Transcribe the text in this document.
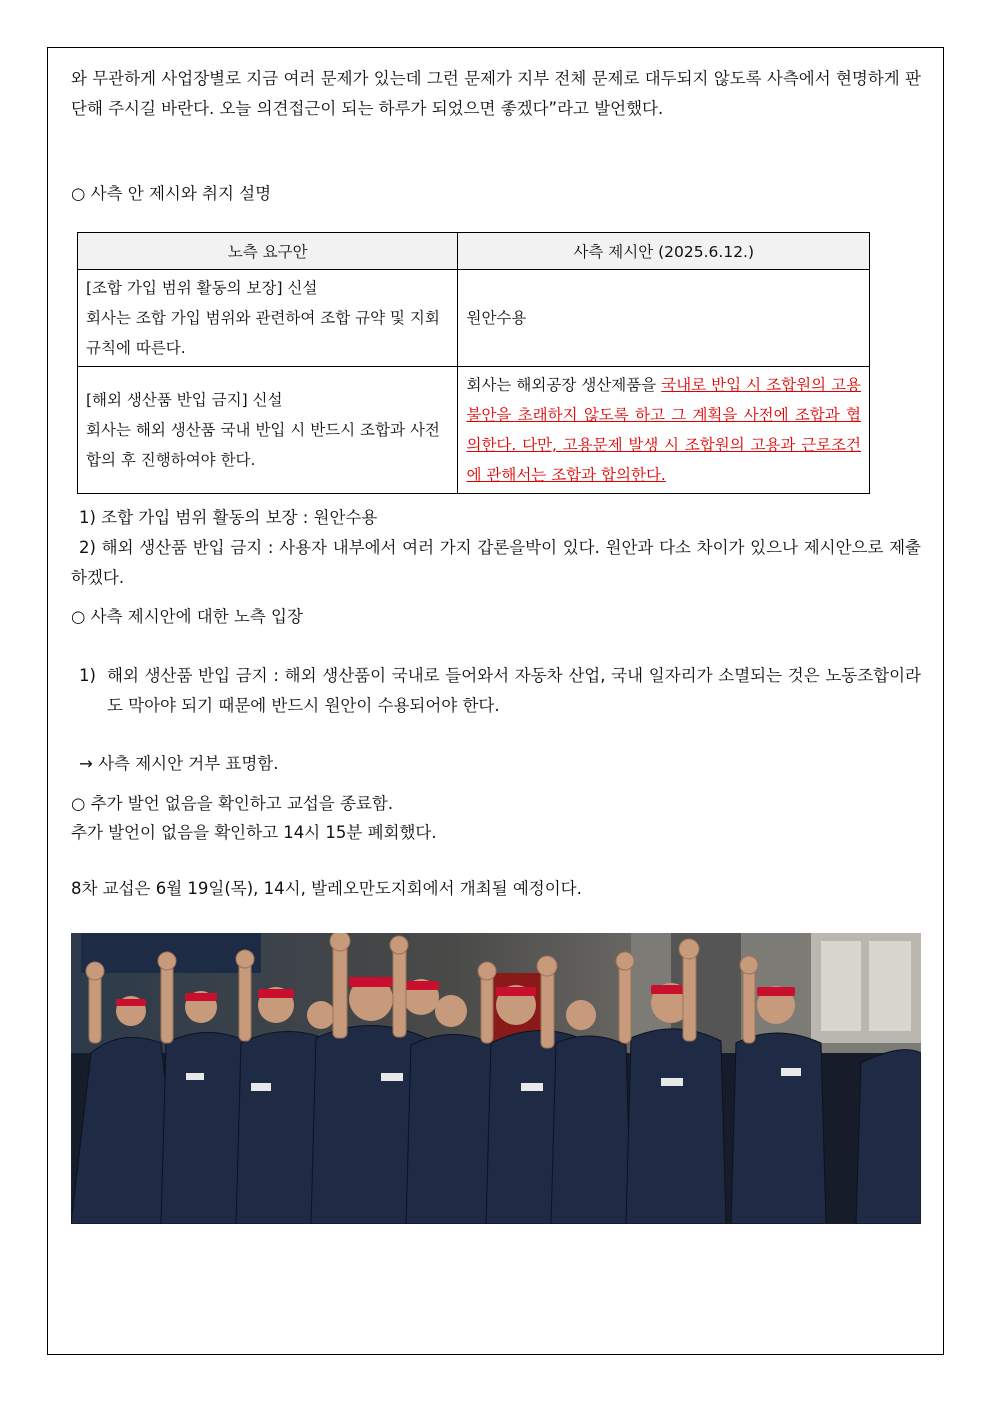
와 무관하게 사업장별로 지금 여러 문제가 있는데 그런 문제가 지부 전체 문제로 대두되지 않도록 사측에서 현명하게 판단해 주시길 바란다. 오늘 의견접근이 되는 하루가 되었으면 좋겠다”라고 발언했다.

○ 사측 안 제시와 취지 설명

노측 요구안	사측 제시안 (2025.6.12.)

[조합 가입 범위 활동의 보장] 신설
회사는 조합 가입 범위와 관련하여 조합 규약 및 지회 규칙에 따른다.	원안수용

[해외 생산품 반입 금지] 신설
회사는 해외 생산품 국내 반입 시 반드시 조합과 사전 합의 후 진행하여야 한다.	회사는 해외공장 생산제품을 국내로 반입 시 조합원의 고용불안을 초래하지 않도록 하고 그 계획을 사전에 조합과 협의한다. 다만, 고용문제 발생 시 조합원의 고용과 근로조건에 관해서는 조합과 합의한다.

1) 조합 가입 범위 활동의 보장 : 원안수용

2) 해외 생산품 반입 금지 : 사용자 내부에서 여러 가지 갑론을박이 있다. 원안과 다소 차이가 있으나 제시안으로 제출하겠다.

○ 사측 제시안에 대한 노측 입장

1) 해외 생산품 반입 금지 : 해외 생산품이 국내로 들어와서 자동차 산업, 국내 일자리가 소멸되는 것은 노동조합이라도 막아야 되기 때문에 반드시 원안이 수용되어야 한다.

→ 사측 제시안 거부 표명함.

○ 추가 발언 없음을 확인하고 교섭을 종료함.

추가 발언이 없음을 확인하고 14시 15분 폐회했다.

8차 교섭은 6월 19일(목), 14시, 발레오만도지회에서 개최될 예정이다.
